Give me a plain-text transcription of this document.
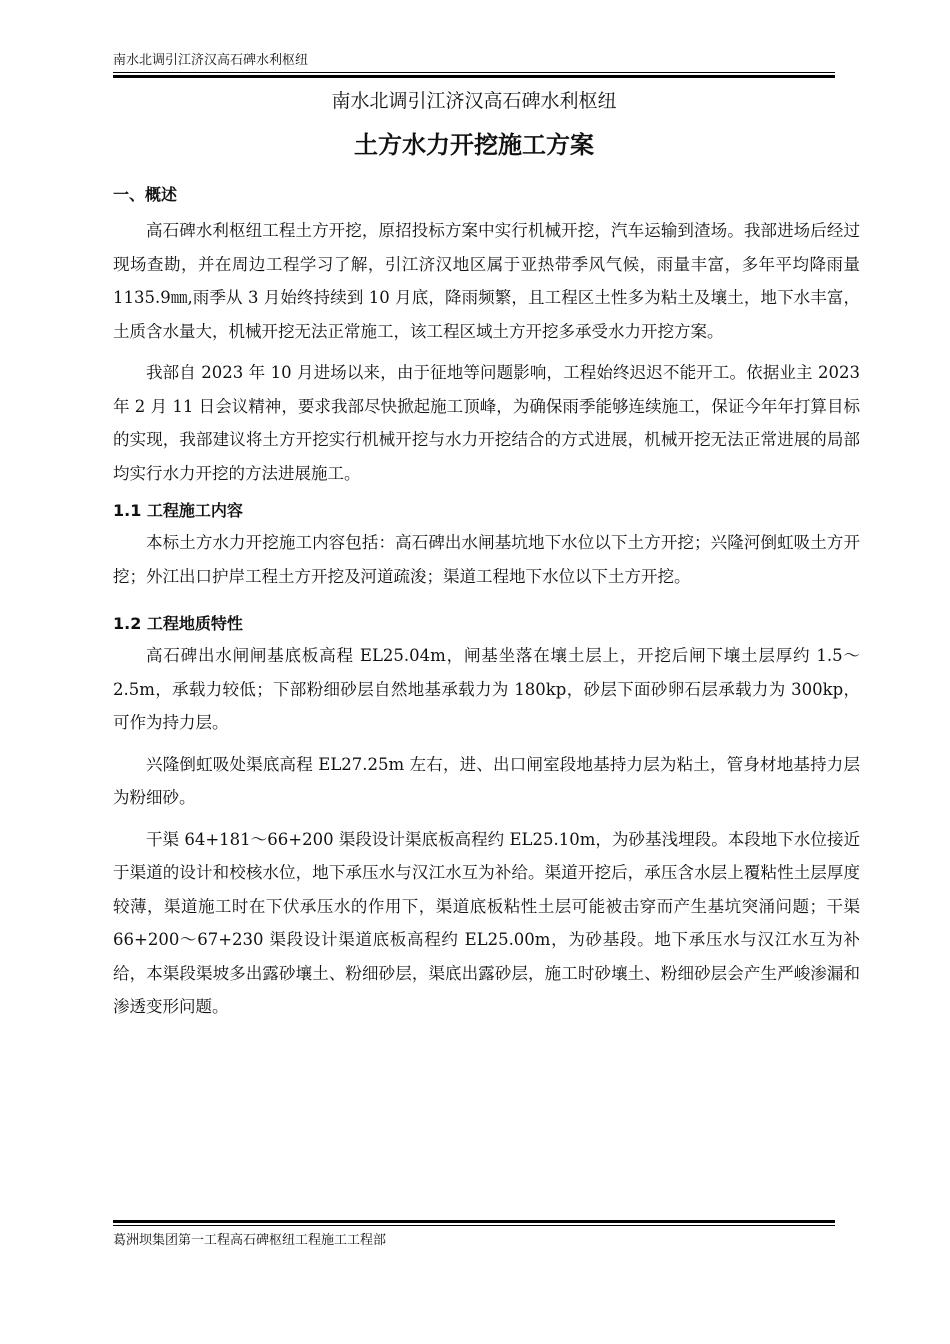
南水北调引江济汉高石碑水利枢纽
南水北调引江济汉高石碑水利枢纽
土方水力开挖施工方案
一、概述

高石碑水利枢纽工程土方开挖，原招投标方案中实行机械开挖，汽车运输到渣场。我部进场后经过现场查勘，并在周边工程学习了解，引江济汉地区属于亚热带季风气候，雨量丰富，多年平均降雨量1135.9㎜,雨季从 3 月始终持续到 10 月底，降雨频繁，且工程区土性多为粘土及壤土，地下水丰富，土质含水量大，机械开挖无法正常施工，该工程区域土方开挖多承受水力开挖方案。

我部自 2023 年 10 月进场以来，由于征地等问题影响，工程始终迟迟不能开工。依据业主 2023 年 2 月 11 日会议精神，要求我部尽快掀起施工顶峰，为确保雨季能够连续施工，保证今年年打算目标的实现，我部建议将土方开挖实行机械开挖与水力开挖结合的方式进展，机械开挖无法正常进展的局部均实行水力开挖的方法进展施工。

1.1 工程施工内容

本标土方水力开挖施工内容包括：高石碑出水闸基坑地下水位以下土方开挖；兴隆河倒虹吸土方开挖；外江出口护岸工程土方开挖及河道疏浚；渠道工程地下水位以下土方开挖。

1.2 工程地质特性

高石碑出水闸闸基底板高程 EL25.04m，闸基坐落在壤土层上，开挖后闸下壤土层厚约 1.5～2.5m，承载力较低；下部粉细砂层自然地基承载力为 180kp，砂层下面砂卵石层承载力为 300kp，可作为持力层。

兴隆倒虹吸处渠底高程 EL27.25m 左右，进、出口闸室段地基持力层为粘土，管身材地基持力层为粉细砂。

干渠 64+181～66+200 渠段设计渠底板高程约 EL25.10m，为砂基浅埋段。本段地下水位接近于渠道的设计和校核水位，地下承压水与汉江水互为补给。渠道开挖后，承压含水层上覆粘性土层厚度较薄，渠道施工时在下伏承压水的作用下，渠道底板粘性土层可能被击穿而产生基坑突涌问题；干渠 66+200～67+230 渠段设计渠道底板高程约 EL25.00m，为砂基段。地下承压水与汉江水互为补给，本渠段渠坡多出露砂壤土、粉细砂层，渠底出露砂层，施工时砂壤土、粉细砂层会产生严峻渗漏和渗透变形问题。

葛洲坝集团第一工程高石碑枢纽工程施工工程部
